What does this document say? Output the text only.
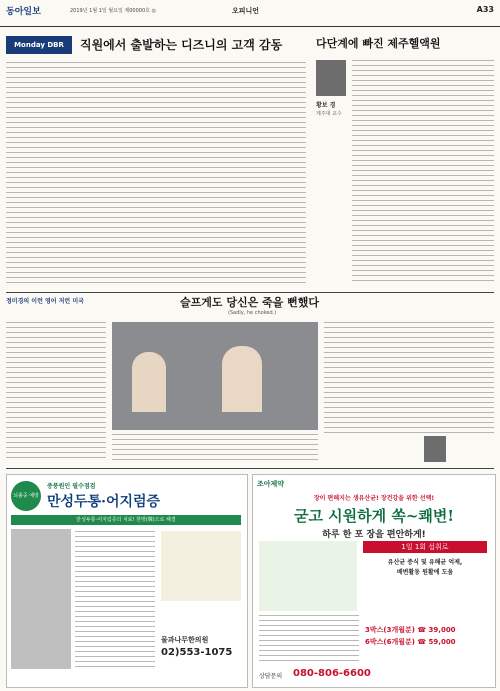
동아일보	2019년 1월 1일 월요일 제00000호 ◎	오피니언	A33
Monday DBR	직원에서 출발하는 디즈니의 고객 감동	다단계에 빠진 제주헬액원
황보 경
제주대 교수
정미경의 이런 영어 저런 미국	슬프게도 당신은 죽을 뻔했다
(Sadly, he choked.)
뇌졸중 예방
중풍원인 필수점검
만성두통·어지럼증
만성두통·어지럼증의 치료! 한방(韓)으로 해결
물과나무한의원
02)553-1075
조아제약
장이 편해지는 생유산균! 장건강을 위한 선택!
굳고 시원하게 쏙~쾌변!
하루 한 포 장을 편안하게!
1일 1회 섭취로
유산균 증식 및 유해균 억제,
배변활동 원활에 도움
3박스(3개월분) ☎ 39,000
6박스(6개월분) ☎ 59,000
상담문의 080-806-6600
